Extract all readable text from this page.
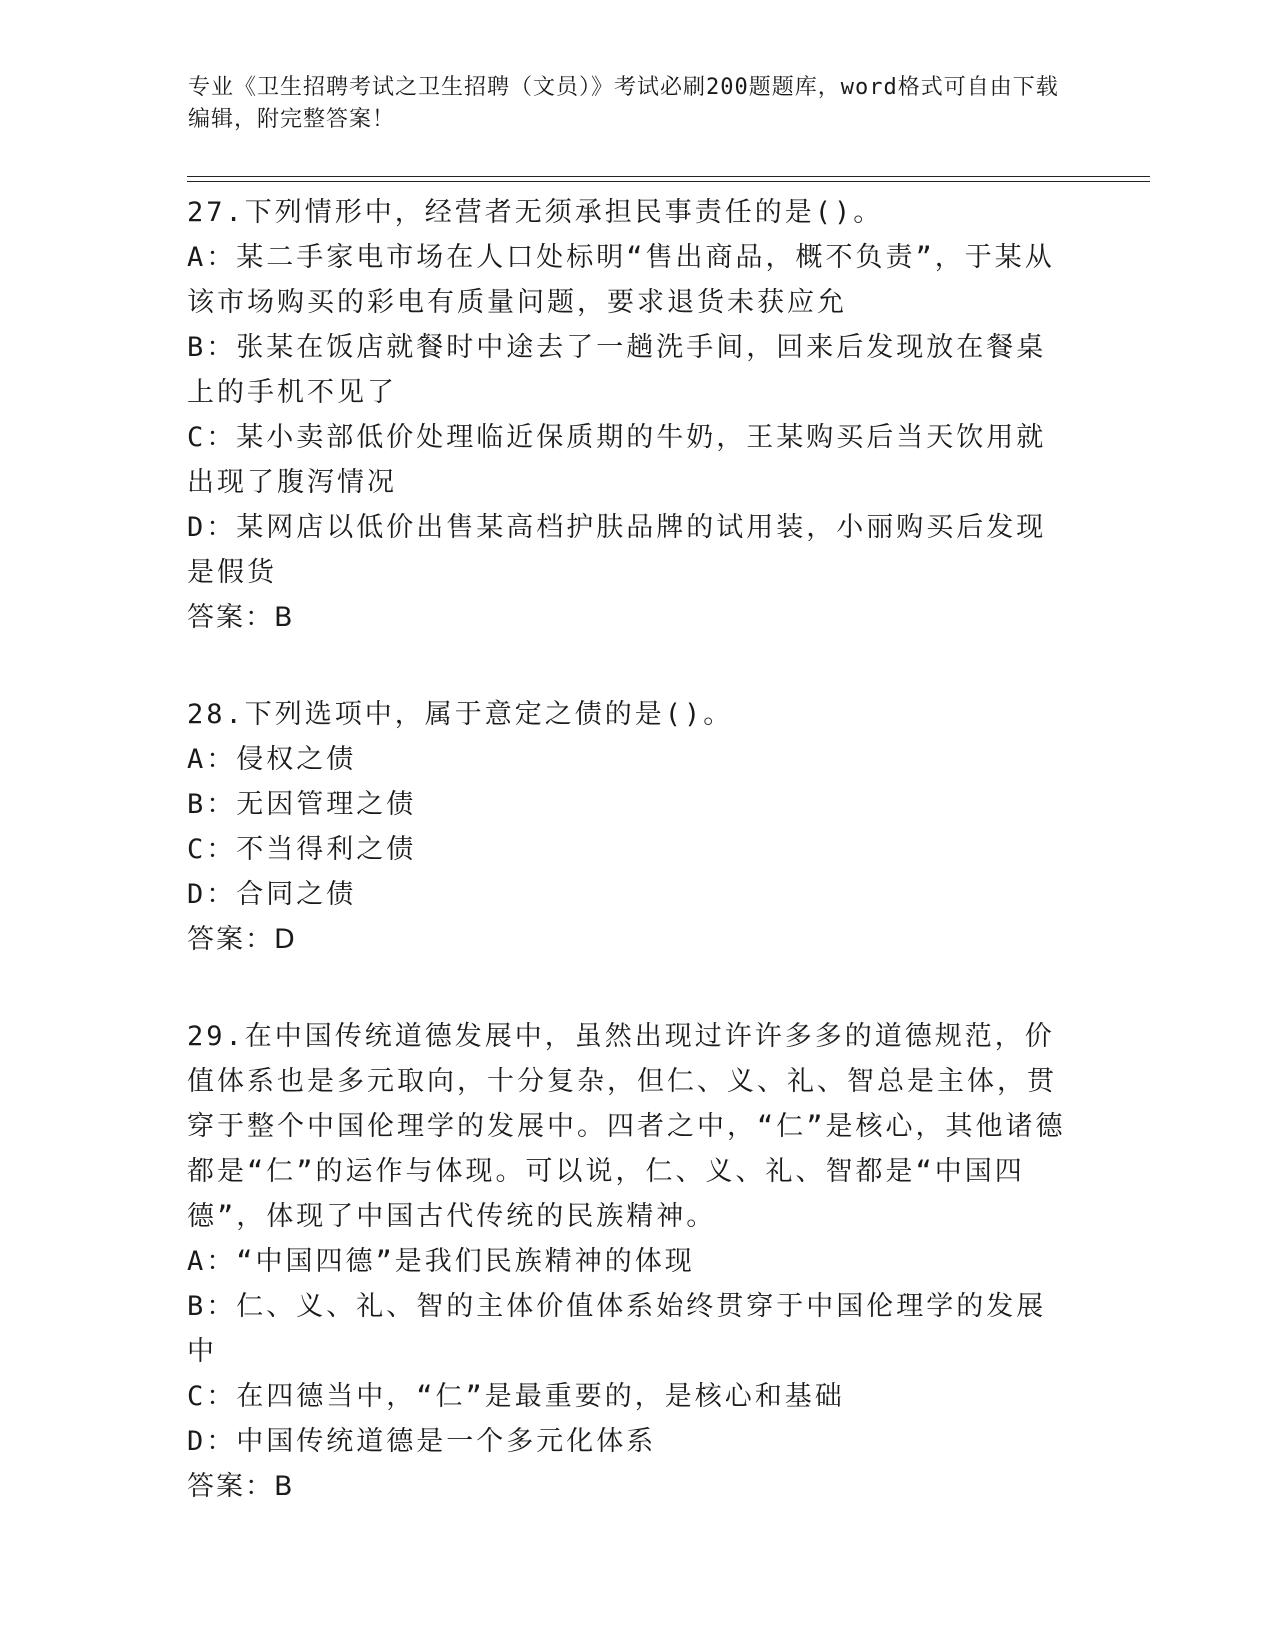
专业《卫生招聘考试之卫生招聘（文员）》考试必刷200题题库，word格式可自由下载编辑，附完整答案！

27.下列情形中，经营者无须承担民事责任的是()。

A：某二手家电市场在人口处标明“售出商品，概不负责”，于某从该市场购买的彩电有质量问题，要求退货未获应允

B：张某在饭店就餐时中途去了一趟洗手间，回来后发现放在餐桌上的手机不见了

C：某小卖部低价处理临近保质期的牛奶，王某购买后当天饮用就出现了腹泻情况

D：某网店以低价出售某高档护肤品牌的试用装，小丽购买后发现是假货

答案：B

28.下列选项中，属于意定之债的是()。

A：侵权之债

B：无因管理之债

C：不当得利之债

D：合同之债

答案：D

29.在中国传统道德发展中，虽然出现过许许多多的道德规范，价值体系也是多元取向，十分复杂，但仁、义、礼、智总是主体，贯穿于整个中国伦理学的发展中。四者之中，“仁”是核心，其他诸德都是“仁”的运作与体现。可以说，仁、义、礼、智都是“中国四德”，体现了中国古代传统的民族精神。

A：“中国四德”是我们民族精神的体现

B：仁、义、礼、智的主体价值体系始终贯穿于中国伦理学的发展中

C：在四德当中，“仁”是最重要的，是核心和基础

D：中国传统道德是一个多元化体系

答案：B
